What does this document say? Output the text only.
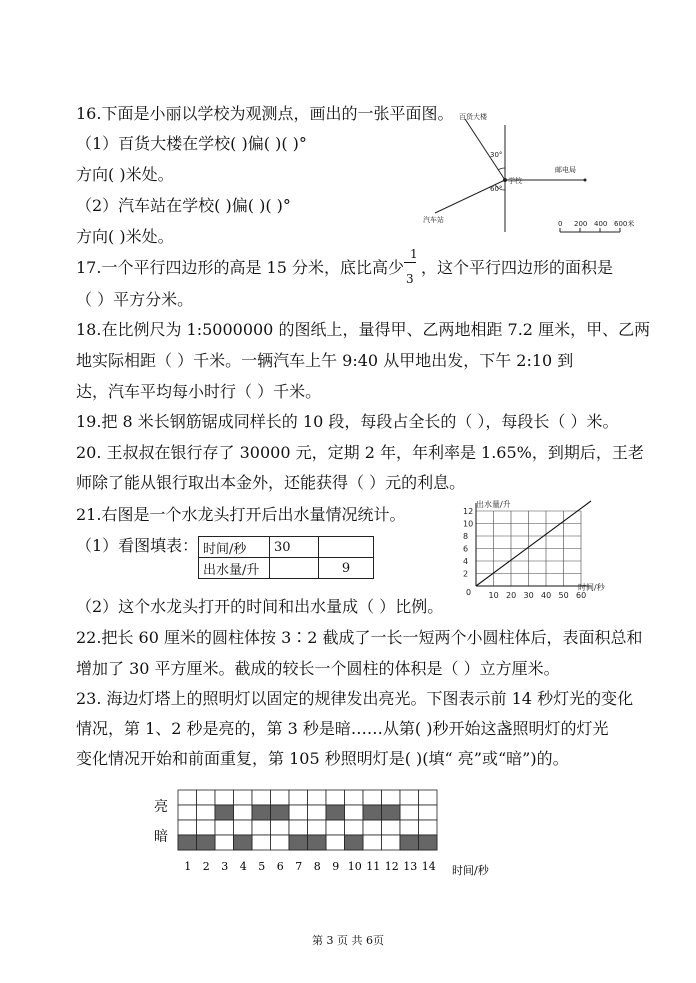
16.下面是小丽以学校为观测点，画出的一张平面图。
（1）百货大楼在学校( )偏( )( )°
方向( )米处。
（2）汽车站在学校( )偏( )( )°
方向( )米处。
百货大楼
30°
60°
学校
邮电局
汽车站	0 200 400 600米
17.一个平行四边形的高是 15 分米，底比高少
1
3
，这个平行四边形的面积是
（ ）平方分米。
18.在比例尺为 1:5000000 的图纸上，量得甲、乙两地相距 7.2 厘米，甲、乙两
地实际相距（ ）千米。一辆汽车上午 9:40 从甲地出发，下午 2:10 到
达，汽车平均每小时行（ ）千米。
19.把 8 米长钢筋锯成同样长的 10 段，每段占全长的（ ），每段长（ ）米。
20. 王叔叔在银行存了 30000 元，定期 2 年，年利率是 1.65%，到期后，王老
师除了能从银行取出本金外，还能获得（ ）元的利息。
21.右图是一个水龙头打开后出水量情况统计。
（1）看图填表： 时间/秒	30	
出水量/升		9
（2）这个水龙头打开的时间和出水量成（ ）比例。
出水量/升
时间/秒
0
2
4
6
8
10
12
10 20 30 40 50 60
22.把长 60 厘米的圆柱体按 3∶2 截成了一长一短两个小圆柱体后，表面积总和
增加了 30 平方厘米。截成的较长一个圆柱的体积是（ ）立方厘米。
23. 海边灯塔上的照明灯以固定的规律发出亮光。下图表示前 14 秒灯光的变化
情况，第 1、2 秒是亮的，第 3 秒是暗……从第( )秒开始这盏照明灯的灯光
变化情况开始和前面重复，第 105 秒照明灯是( )(填“ 亮”或“暗”)的。
亮
暗
时间/秒
1 2 3 4 5 6 7 8 9 10 11 12 13 14
第 3 页 共 6页
